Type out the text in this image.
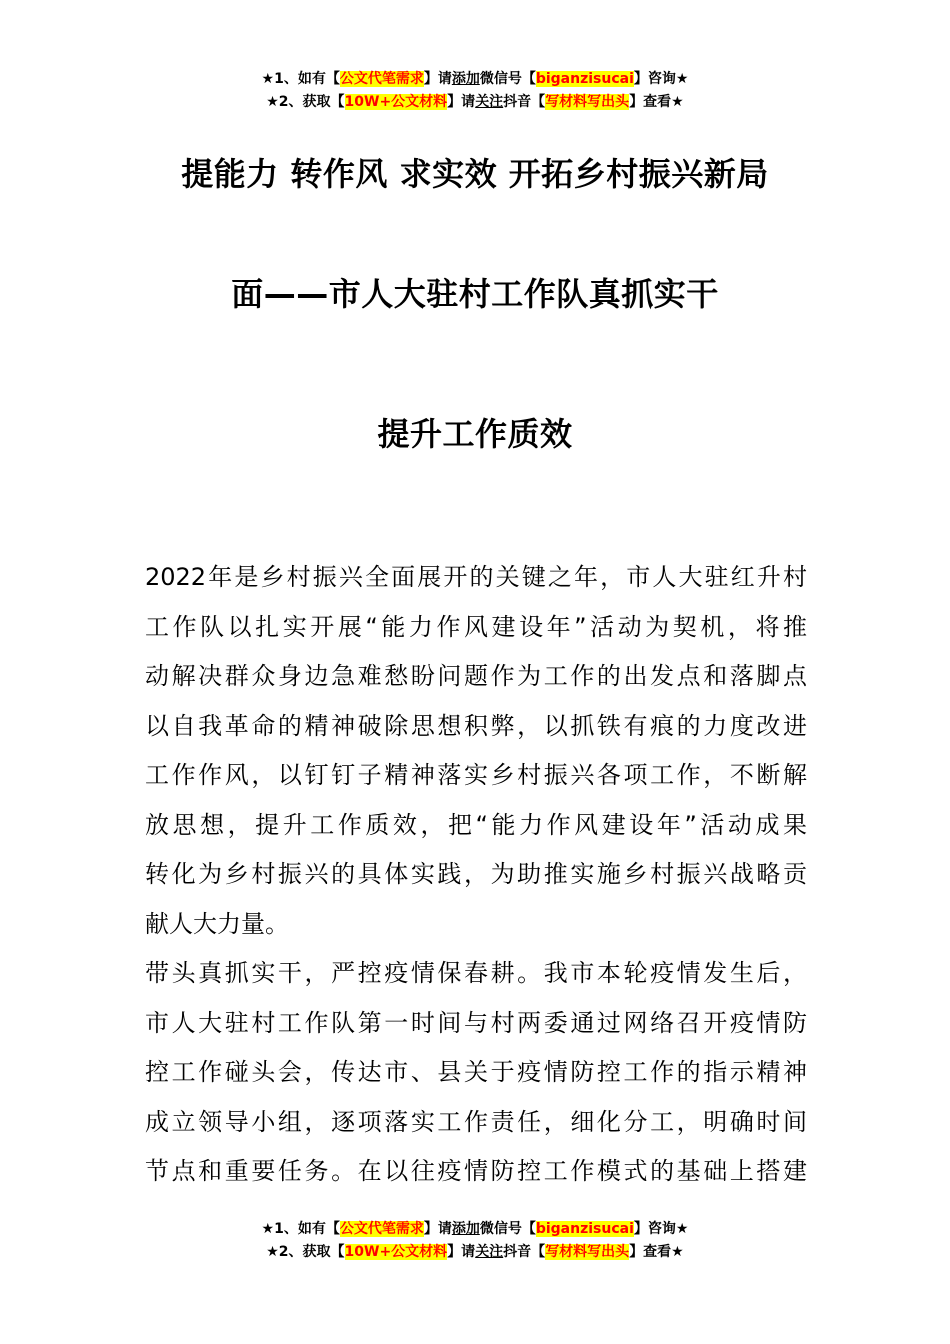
★1、如有【公文代笔需求】请添加微信号【biganzisucai】咨询★
★2、获取【10W+公文材料】请关注抖音【写材料写出头】查看★
提能力 转作风 求实效 开拓乡村振兴新局
面——市人大驻村工作队真抓实干
提升工作质效
2022年是乡村振兴全面展开的关键之年，市人大驻红升村
工作队以扎实开展“能力作风建设年”活动为契机，将推
动解决群众身边急难愁盼问题作为工作的出发点和落脚点
以自我革命的精神破除思想积弊，以抓铁有痕的力度改进
工作作风，以钉钉子精神落实乡村振兴各项工作，不断解
放思想，提升工作质效，把“能力作风建设年”活动成果
转化为乡村振兴的具体实践，为助推实施乡村振兴战略贡
献人大力量。
带头真抓实干，严控疫情保春耕。我市本轮疫情发生后，
市人大驻村工作队第一时间与村两委通过网络召开疫情防
控工作碰头会，传达市、县关于疫情防控工作的指示精神
成立领导小组，逐项落实工作责任，细化分工，明确时间
节点和重要任务。在以往疫情防控工作模式的基础上搭建
★1、如有【公文代笔需求】请添加微信号【biganzisucai】咨询★
★2、获取【10W+公文材料】请关注抖音【写材料写出头】查看★
